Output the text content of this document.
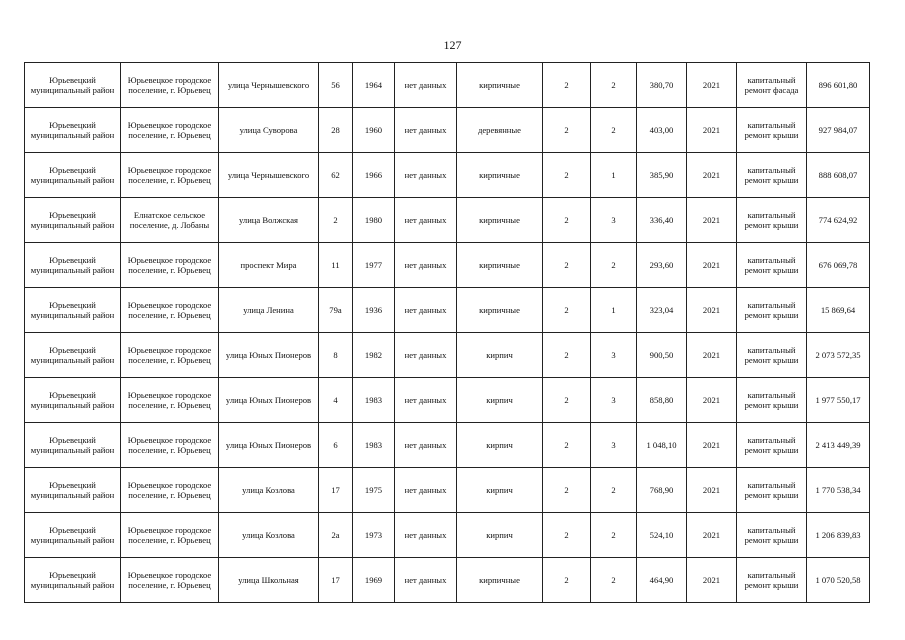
127
Юрьевецкий муниципальный район	Юрьевецкое городское поселение, г. Юрьевец	улица Чернышевского	56	1964	нет данных	кирпичные	2	2	380,70	2021	капитальный ремонт фасада	896 601,80
Юрьевецкий муниципальный район	Юрьевецкое городское поселение, г. Юрьевец	улица Суворова	28	1960	нет данных	деревянные	2	2	403,00	2021	капитальный ремонт крыши	927 984,07
Юрьевецкий муниципальный район	Юрьевецкое городское поселение, г. Юрьевец	улица Чернышевского	62	1966	нет данных	кирпичные	2	1	385,90	2021	капитальный ремонт крыши	888 608,07
Юрьевецкий муниципальный район	Елнатское сельское поселение, д. Лобаны	улица Волжская	2	1980	нет данных	кирпичные	2	3	336,40	2021	капитальный ремонт крыши	774 624,92
Юрьевецкий муниципальный район	Юрьевецкое городское поселение, г. Юрьевец	проспект Мира	11	1977	нет данных	кирпичные	2	2	293,60	2021	капитальный ремонт крыши	676 069,78
Юрьевецкий муниципальный район	Юрьевецкое городское поселение, г. Юрьевец	улица Ленина	79а	1936	нет данных	кирпичные	2	1	323,04	2021	капитальный ремонт крыши	15 869,64
Юрьевецкий муниципальный район	Юрьевецкое городское поселение, г. Юрьевец	улица Юных Пионеров	8	1982	нет данных	кирпич	2	3	900,50	2021	капитальный ремонт крыши	2 073 572,35
Юрьевецкий муниципальный район	Юрьевецкое городское поселение, г. Юрьевец	улица Юных Пионеров	4	1983	нет данных	кирпич	2	3	858,80	2021	капитальный ремонт крыши	1 977 550,17
Юрьевецкий муниципальный район	Юрьевецкое городское поселение, г. Юрьевец	улица Юных Пионеров	6	1983	нет данных	кирпич	2	3	1 048,10	2021	капитальный ремонт крыши	2 413 449,39
Юрьевецкий муниципальный район	Юрьевецкое городское поселение, г. Юрьевец	улица Козлова	17	1975	нет данных	кирпич	2	2	768,90	2021	капитальный ремонт крыши	1 770 538,34
Юрьевецкий муниципальный район	Юрьевецкое городское поселение, г. Юрьевец	улица Козлова	2а	1973	нет данных	кирпич	2	2	524,10	2021	капитальный ремонт крыши	1 206 839,83
Юрьевецкий муниципальный район	Юрьевецкое городское поселение, г. Юрьевец	улица Школьная	17	1969	нет данных	кирпичные	2	2	464,90	2021	капитальный ремонт крыши	1 070 520,58
